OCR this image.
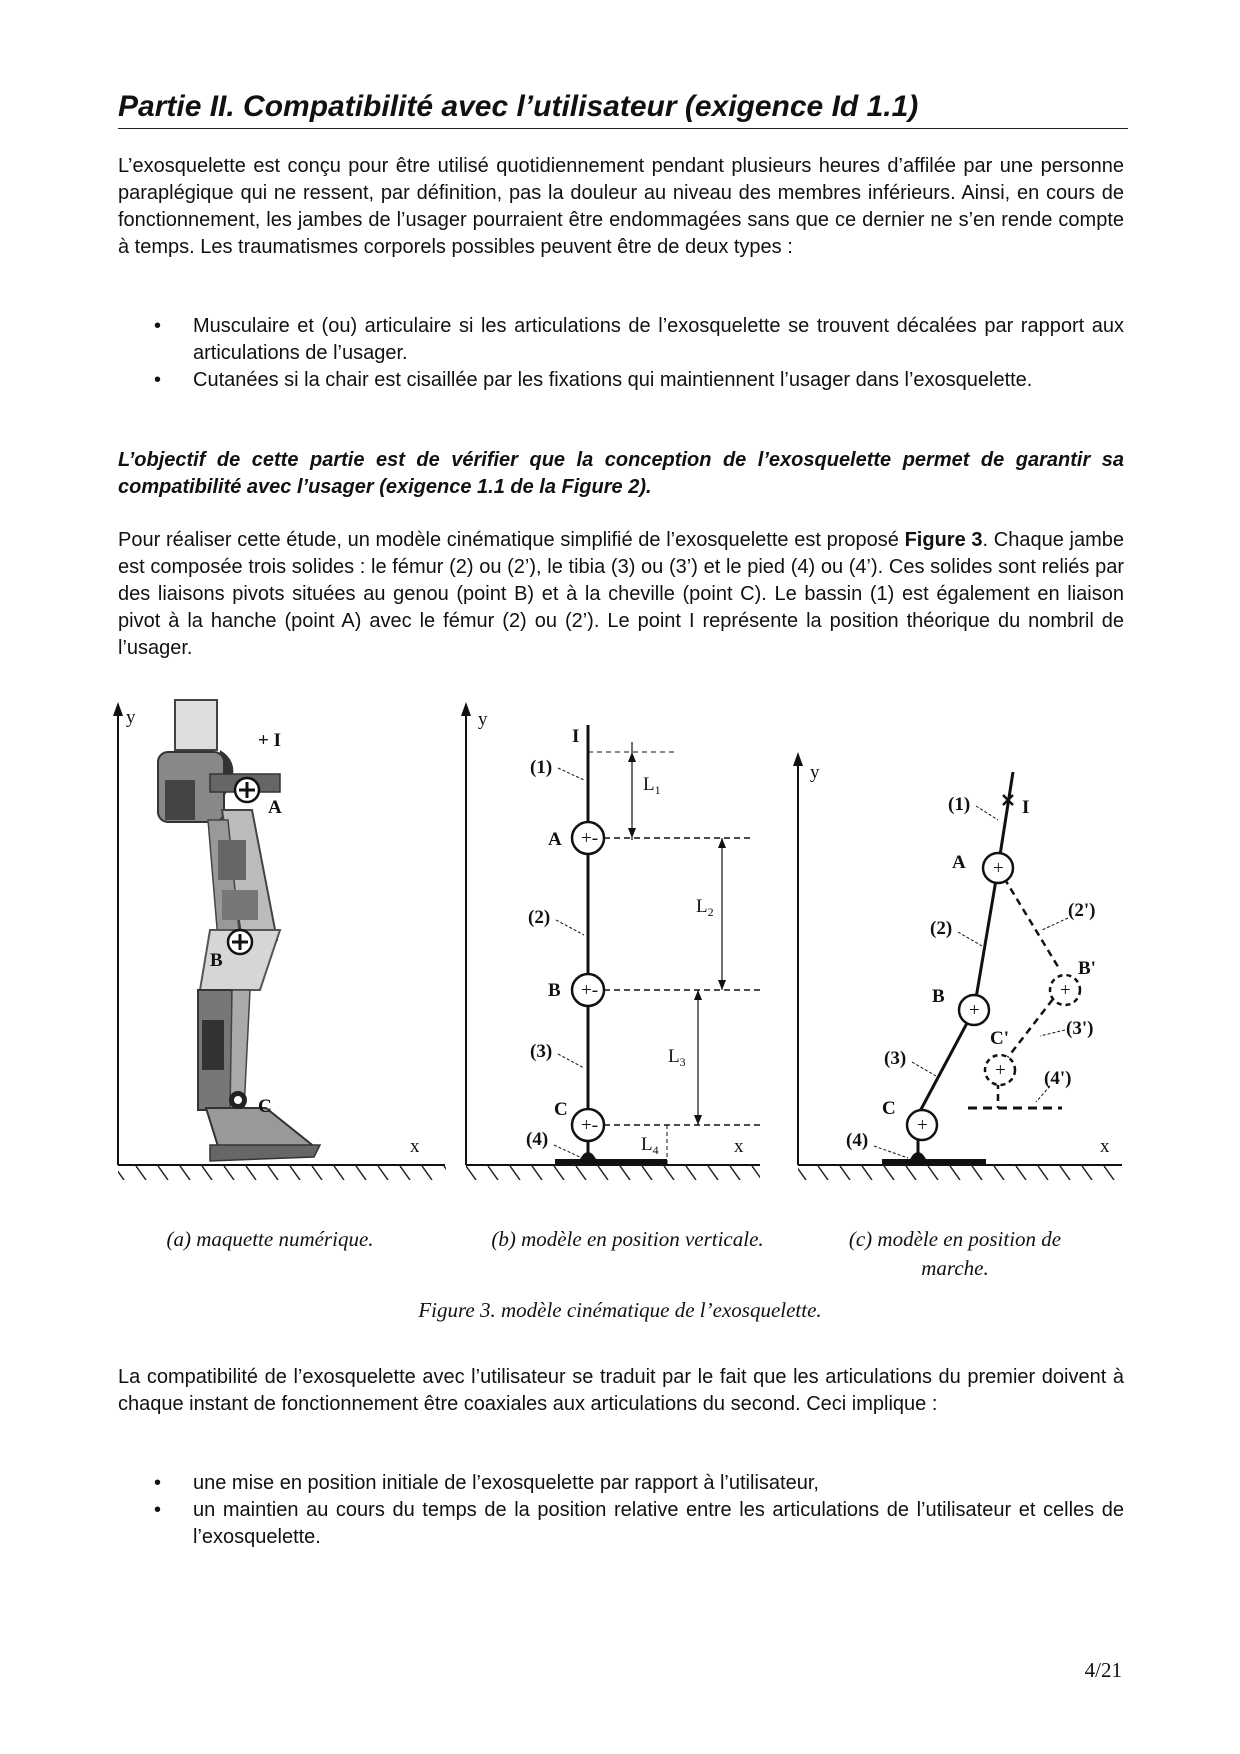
Partie II. Compatibilité avec l’utilisateur (exigence Id 1.1)

L’exosquelette est conçu pour être utilisé quotidiennement pendant plusieurs heures d’affilée par une personne paraplégique qui ne ressent, par définition, pas la douleur au niveau des membres inférieurs. Ainsi, en cours de fonctionnement, les jambes de l’usager pourraient être endommagées sans que ce dernier ne s’en rende compte à temps. Les traumatismes corporels possibles peuvent être de deux types :

• Musculaire et (ou) articulaire si les articulations de l’exosquelette se trouvent décalées par rapport aux articulations de l’usager.
• Cutanées si la chair est cisaillée par les fixations qui maintiennent l’usager dans l’exosquelette.

L’objectif de cette partie est de vérifier que la conception de l’exosquelette permet de garantir sa compatibilité avec l’usager (exigence 1.1 de la Figure 2).

Pour réaliser cette étude, un modèle cinématique simplifié de l’exosquelette est proposé Figure 3. Chaque jambe est composée trois solides : le fémur (2) ou (2’), le tibia (3) ou (3’) et le pied (4) ou (4’). Ces solides sont reliés par des liaisons pivots situées au genou (point B) et à la cheville (point C). Le bassin (1) est également en liaison pivot à la hanche (point A) avec le fémur (2) ou (2’). Le point I représente la position théorique du nombril de l’usager.

y
x
+ I
A
B
C
y
x
+-
+-
+-
I
(1)
A
(2)
B
(3)
C
(4)
$L_1$
$L_2$
$L_3$
$L_4$
y
x
+
+
+
+
+
(1)	I
A
(2)
(2')
B
B'
(3')
C'
(3)
(4')
C
(4)

(a) maquette numérique.	(b) modèle en position verticale.	(c) modèle en position de marche.

Figure 3. modèle cinématique de l’exosquelette.

La compatibilité de l’exosquelette avec l’utilisateur se traduit par le fait que les articulations du premier doivent à chaque instant de fonctionnement être coaxiales aux articulations du second. Ceci implique :

• une mise en position initiale de l’exosquelette par rapport à l’utilisateur,
• un maintien au cours du temps de la position relative entre les articulations de l’utilisateur et celles de l’exosquelette.
4/21
